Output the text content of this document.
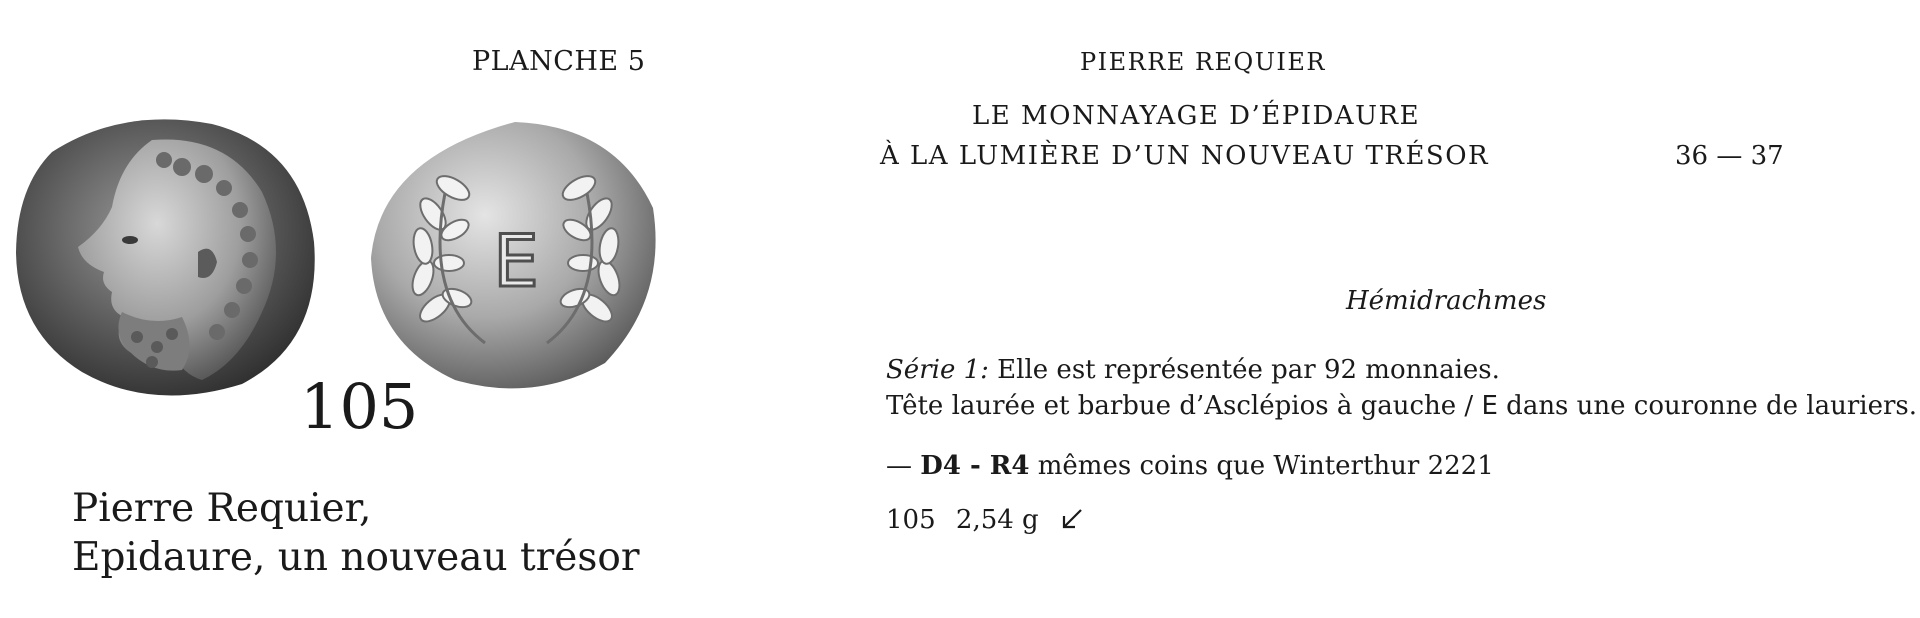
PLANCHE 5
E
105
Pierre Requier,
Epidaure, un nouveau trésor
PIERRE REQUIER
LE MONNAYAGE D’ÉPIDAURE
À LA LUMIÈRE D’UN NOUVEAU TRÉSOR	36 — 37
Hémidrachmes
Série 1: Elle est représentée par 92 monnaies.
Tête laurée et barbue d’Asclépios à gauche / E dans une couronne de lauriers.
— D4 - R4 mêmes coins que Winterthur 2221
105 2,54 g
